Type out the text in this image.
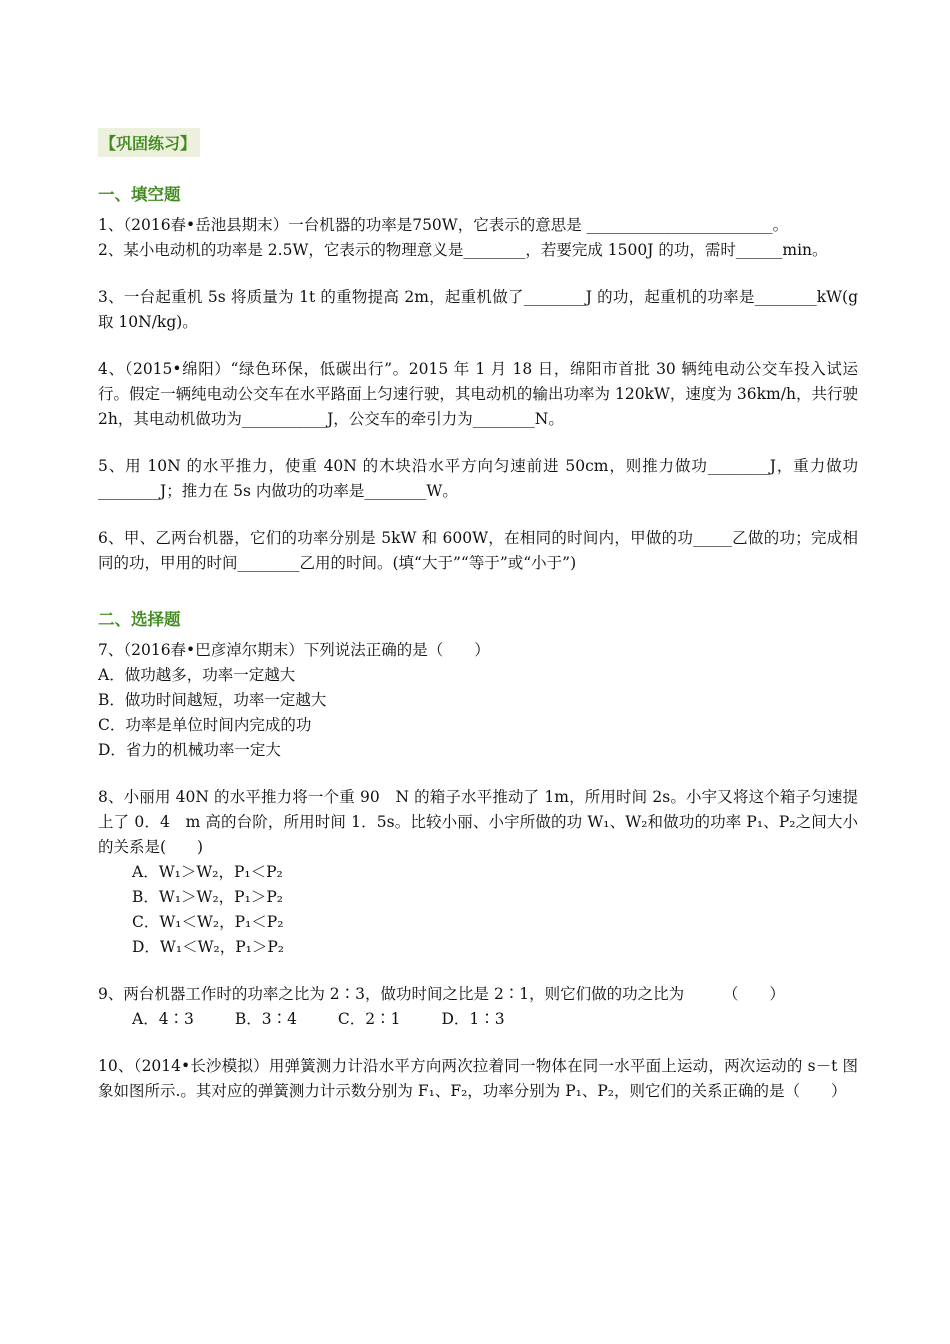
【巩固练习】
一、填空题

1、（2016春•岳池县期末）一台机器的功率是750W，它表示的意思是 ________________________。

2、某小电动机的功率是 2.5W，它表示的物理意义是________，若要完成 1500J 的功，需时______min。

3、一台起重机 5s 将质量为 1t 的重物提高 2m，起重机做了________J 的功，起重机的功率是________kW(g 取 10N/kg)。

4、（2015•绵阳）“绿色环保，低碳出行”。2015 年 1 月 18 日，绵阳市首批 30 辆纯电动公交车投入试运行。假定一辆纯电动公交车在水平路面上匀速行驶，其电动机的输出功率为 120kW，速度为 36km/h，共行驶 2h，其电动机做功为___________J，公交车的牵引力为________N。

5、用 10N 的水平推力，使重 40N 的木块沿水平方向匀速前进 50cm，则推力做功________J，重力做功________J；推力在 5s 内做功的功率是________W。

6、甲、乙两台机器，它们的功率分别是 5kW 和 600W，在相同的时间内，甲做的功_____乙做的功；完成相同的功，甲用的时间________乙用的时间。(填“大于”“等于”或“小于”)

二、选择题

7、（2016春•巴彦淖尔期末）下列说法正确的是（　　）

A．做功越多，功率一定越大

B．做功时间越短，功率一定越大

C．功率是单位时间内完成的功

D．省力的机械功率一定大

8、小丽用 40N 的水平推力将一个重 90　N 的箱子水平推动了 1m，所用时间 2s。小宇又将这个箱子匀速提上了 0．4　m 高的台阶，所用时间 1．5s。比较小丽、小宇所做的功 W₁、W₂和做功的功率 P₁、P₂之间大小的关系是(　　)

A．W₁＞W₂，P₁＜P₂

B．W₁＞W₂，P₁＞P₂

C．W₁＜W₂，P₁＜P₂

D．W₁＜W₂，P₁＞P₂

9、两台机器工作时的功率之比为 2∶3，做功时间之比是 2∶1，则它们做的功之比为　　　（　　）

A．4∶3	B．3∶4	C．2∶1	D．1∶3

10、（2014•长沙模拟）用弹簧测力计沿水平方向两次拉着同一物体在同一水平面上运动，两次运动的 s－t 图象如图所示.。其对应的弹簧测力计示数分别为 F₁、F₂，功率分别为 P₁、P₂，则它们的关系正确的是（　　）
